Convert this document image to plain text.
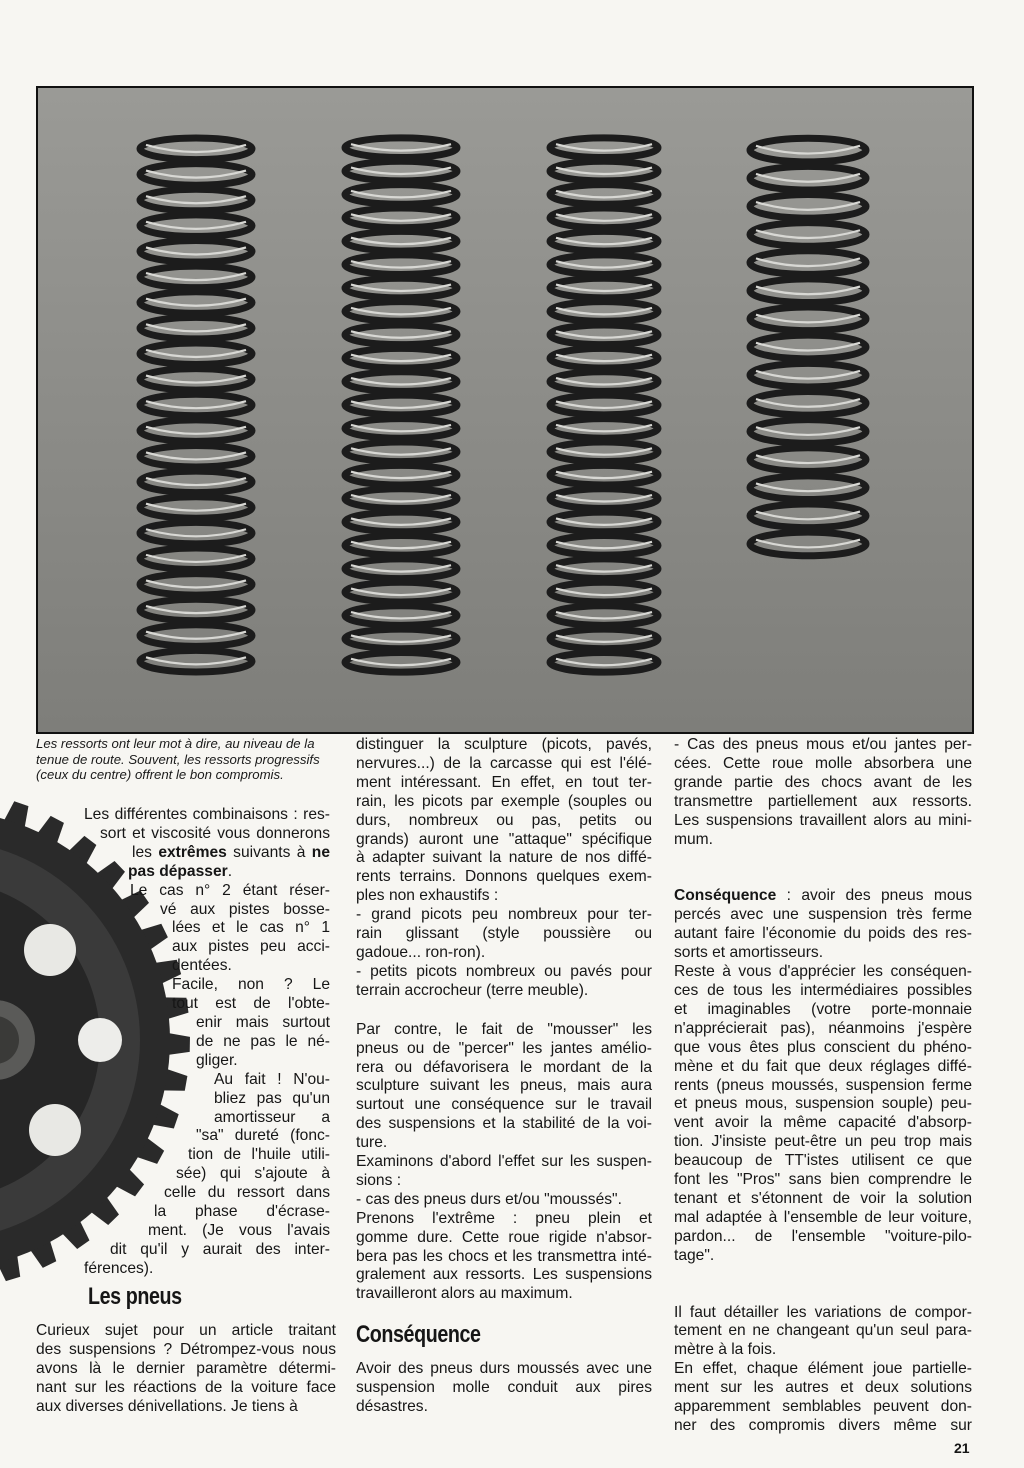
Les ressorts ont leur mot à dire, au niveau de la tenue de route. Souvent, les ressorts progressifs (ceux du centre) offrent le bon compromis.
Les différentes combinaisons : res-
sort et viscosité vous donnerons
les extrêmes suivants à ne
pas dépasser.
Le cas n° 2 étant réser-
vé aux pistes bosse-
lées et le cas n° 1
aux pistes peu acci-
dentées.
Facile, non ? Le
tout est de l'obte-
enir mais surtout
de ne pas le né-
gliger.
Au fait ! N'ou-
bliez pas qu'un
amortisseur a
"sa" dureté (fonc-
tion de l'huile utili-
sée) qui s'ajoute à
celle du ressort dans
la phase d'écrase-
ment. (Je vous l'avais
dit qu'il y aurait des inter-
férences).
Les pneus
Curieux sujet pour un article traitant
des suspensions ? Détrompez-vous nous
avons là le dernier paramètre détermi-
nant sur les réactions de la voiture face
aux diverses dénivellations. Je tiens à
distinguer la sculpture (picots, pavés,
nervures...) de la carcasse qui est l'élé-
ment intéressant. En effet, en tout ter-
rain, les picots par exemple (souples ou
durs, nombreux ou pas, petits ou
grands) auront une "attaque" spécifique
à adapter suivant la nature de nos diffé-
rents terrains. Donnons quelques exem-
ples non exhaustifs :
- grand picots peu nombreux pour ter-
rain glissant (style poussière ou
gadoue... ron-ron).
- petits picots nombreux ou pavés pour
terrain accrocheur (terre meuble).
Par contre, le fait de "mousser" les
pneus ou de "percer" les jantes amélio-
rera ou défavorisera le mordant de la
sculpture suivant les pneus, mais aura
surtout une conséquence sur le travail
des suspensions et la stabilité de la voi-
ture.
Examinons d'abord l'effet sur les suspen-
sions :
- cas des pneus durs et/ou "moussés".
Prenons l'extrême : pneu plein et
gomme dure. Cette roue rigide n'absor-
bera pas les chocs et les transmettra inté-
gralement aux ressorts. Les suspensions
travailleront alors au maximum.
Conséquence
Avoir des pneus durs moussés avec une
suspension molle conduit aux pires
désastres.
- Cas des pneus mous et/ou jantes per-
cées. Cette roue molle absorbera une
grande partie des chocs avant de les
transmettre partiellement aux ressorts.
Les suspensions travaillent alors au mini-
mum.
Conséquence : avoir des pneus mous
percés avec une suspension très ferme
autant faire l'économie du poids des res-
sorts et amortisseurs.
Reste à vous d'apprécier les conséquen-
ces de tous les intermédiaires possibles
et imaginables (votre porte-monnaie
n'apprécierait pas), néanmoins j'espère
que vous êtes plus conscient du phéno-
mène et du fait que deux réglages diffé-
rents (pneus moussés, suspension ferme
et pneus mous, suspension souple) peu-
vent avoir la même capacité d'absorp-
tion. J'insiste peut-être un peu trop mais
beaucoup de TT'istes utilisent ce que
font les "Pros" sans bien comprendre le
tenant et s'étonnent de voir la solution
mal adaptée à l'ensemble de leur voiture,
pardon... de l'ensemble "voiture-pilo-
tage".
Il faut détailler les variations de compor-
tement en ne changeant qu'un seul para-
mètre à la fois.
En effet, chaque élément joue partielle-
ment sur les autres et deux solutions
apparemment semblables peuvent don-
ner des compromis divers même sur
21
